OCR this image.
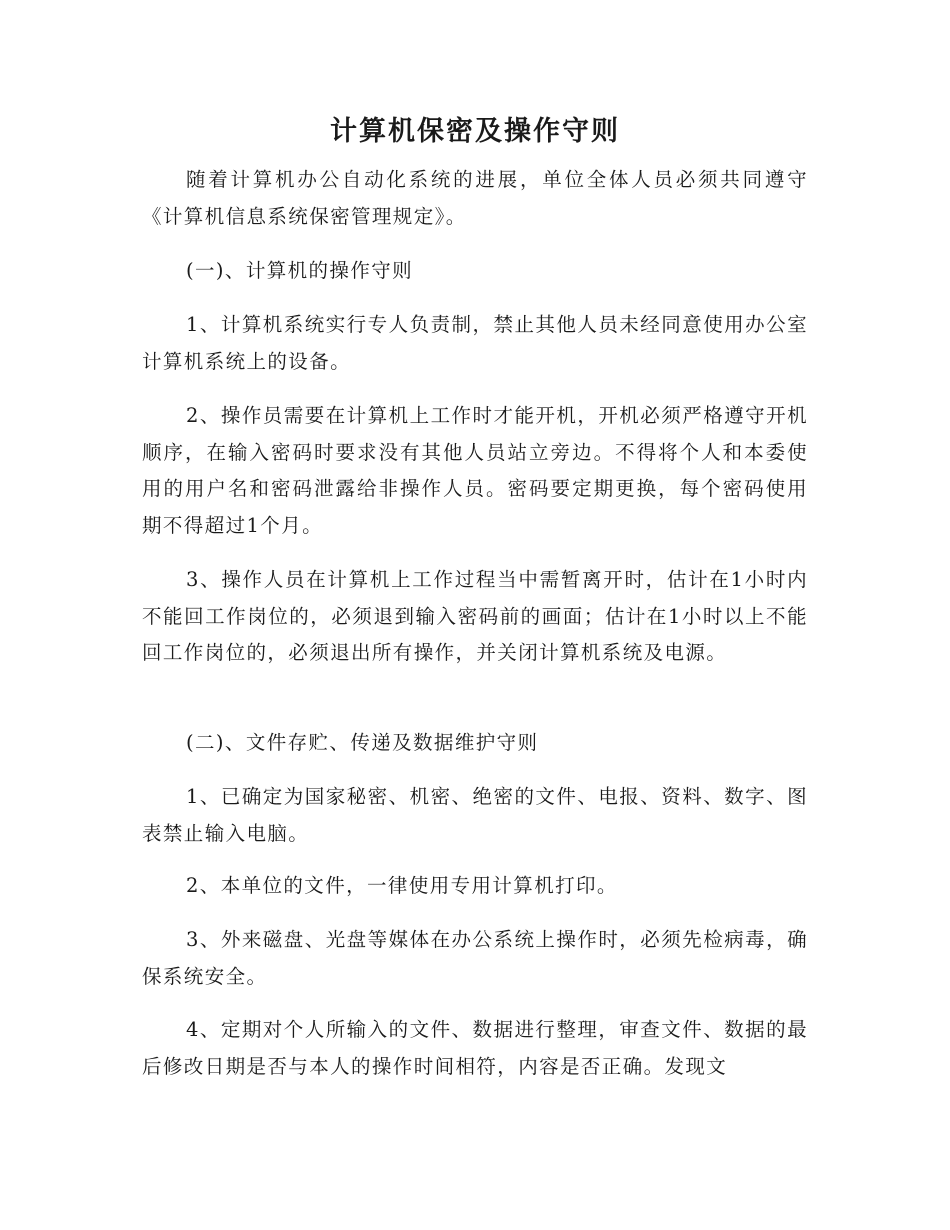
计算机保密及操作守则

随着计算机办公自动化系统的进展，单位全体人员必须共同遵守《计算机信息系统保密管理规定》。

(一)、计算机的操作守则

1、计算机系统实行专人负责制，禁止其他人员未经同意使用办公室计算机系统上的设备。

2、操作员需要在计算机上工作时才能开机，开机必须严格遵守开机顺序，在输入密码时要求没有其他人员站立旁边。不得将个人和本委使用的用户名和密码泄露给非操作人员。密码要定期更换，每个密码使用期不得超过1个月。

3、操作人员在计算机上工作过程当中需暂离开时，估计在1小时内不能回工作岗位的，必须退到输入密码前的画面；估计在1小时以上不能回工作岗位的，必须退出所有操作，并关闭计算机系统及电源。

(二)、文件存贮、传递及数据维护守则

1、已确定为国家秘密、机密、绝密的文件、电报、资料、数字、图表禁止输入电脑。

2、本单位的文件，一律使用专用计算机打印。

3、外来磁盘、光盘等媒体在办公系统上操作时，必须先检病毒，确保系统安全。

4、定期对个人所输入的文件、数据进行整理，审查文件、数据的最后修改日期是否与本人的操作时间相符，内容是否正确。发现文
